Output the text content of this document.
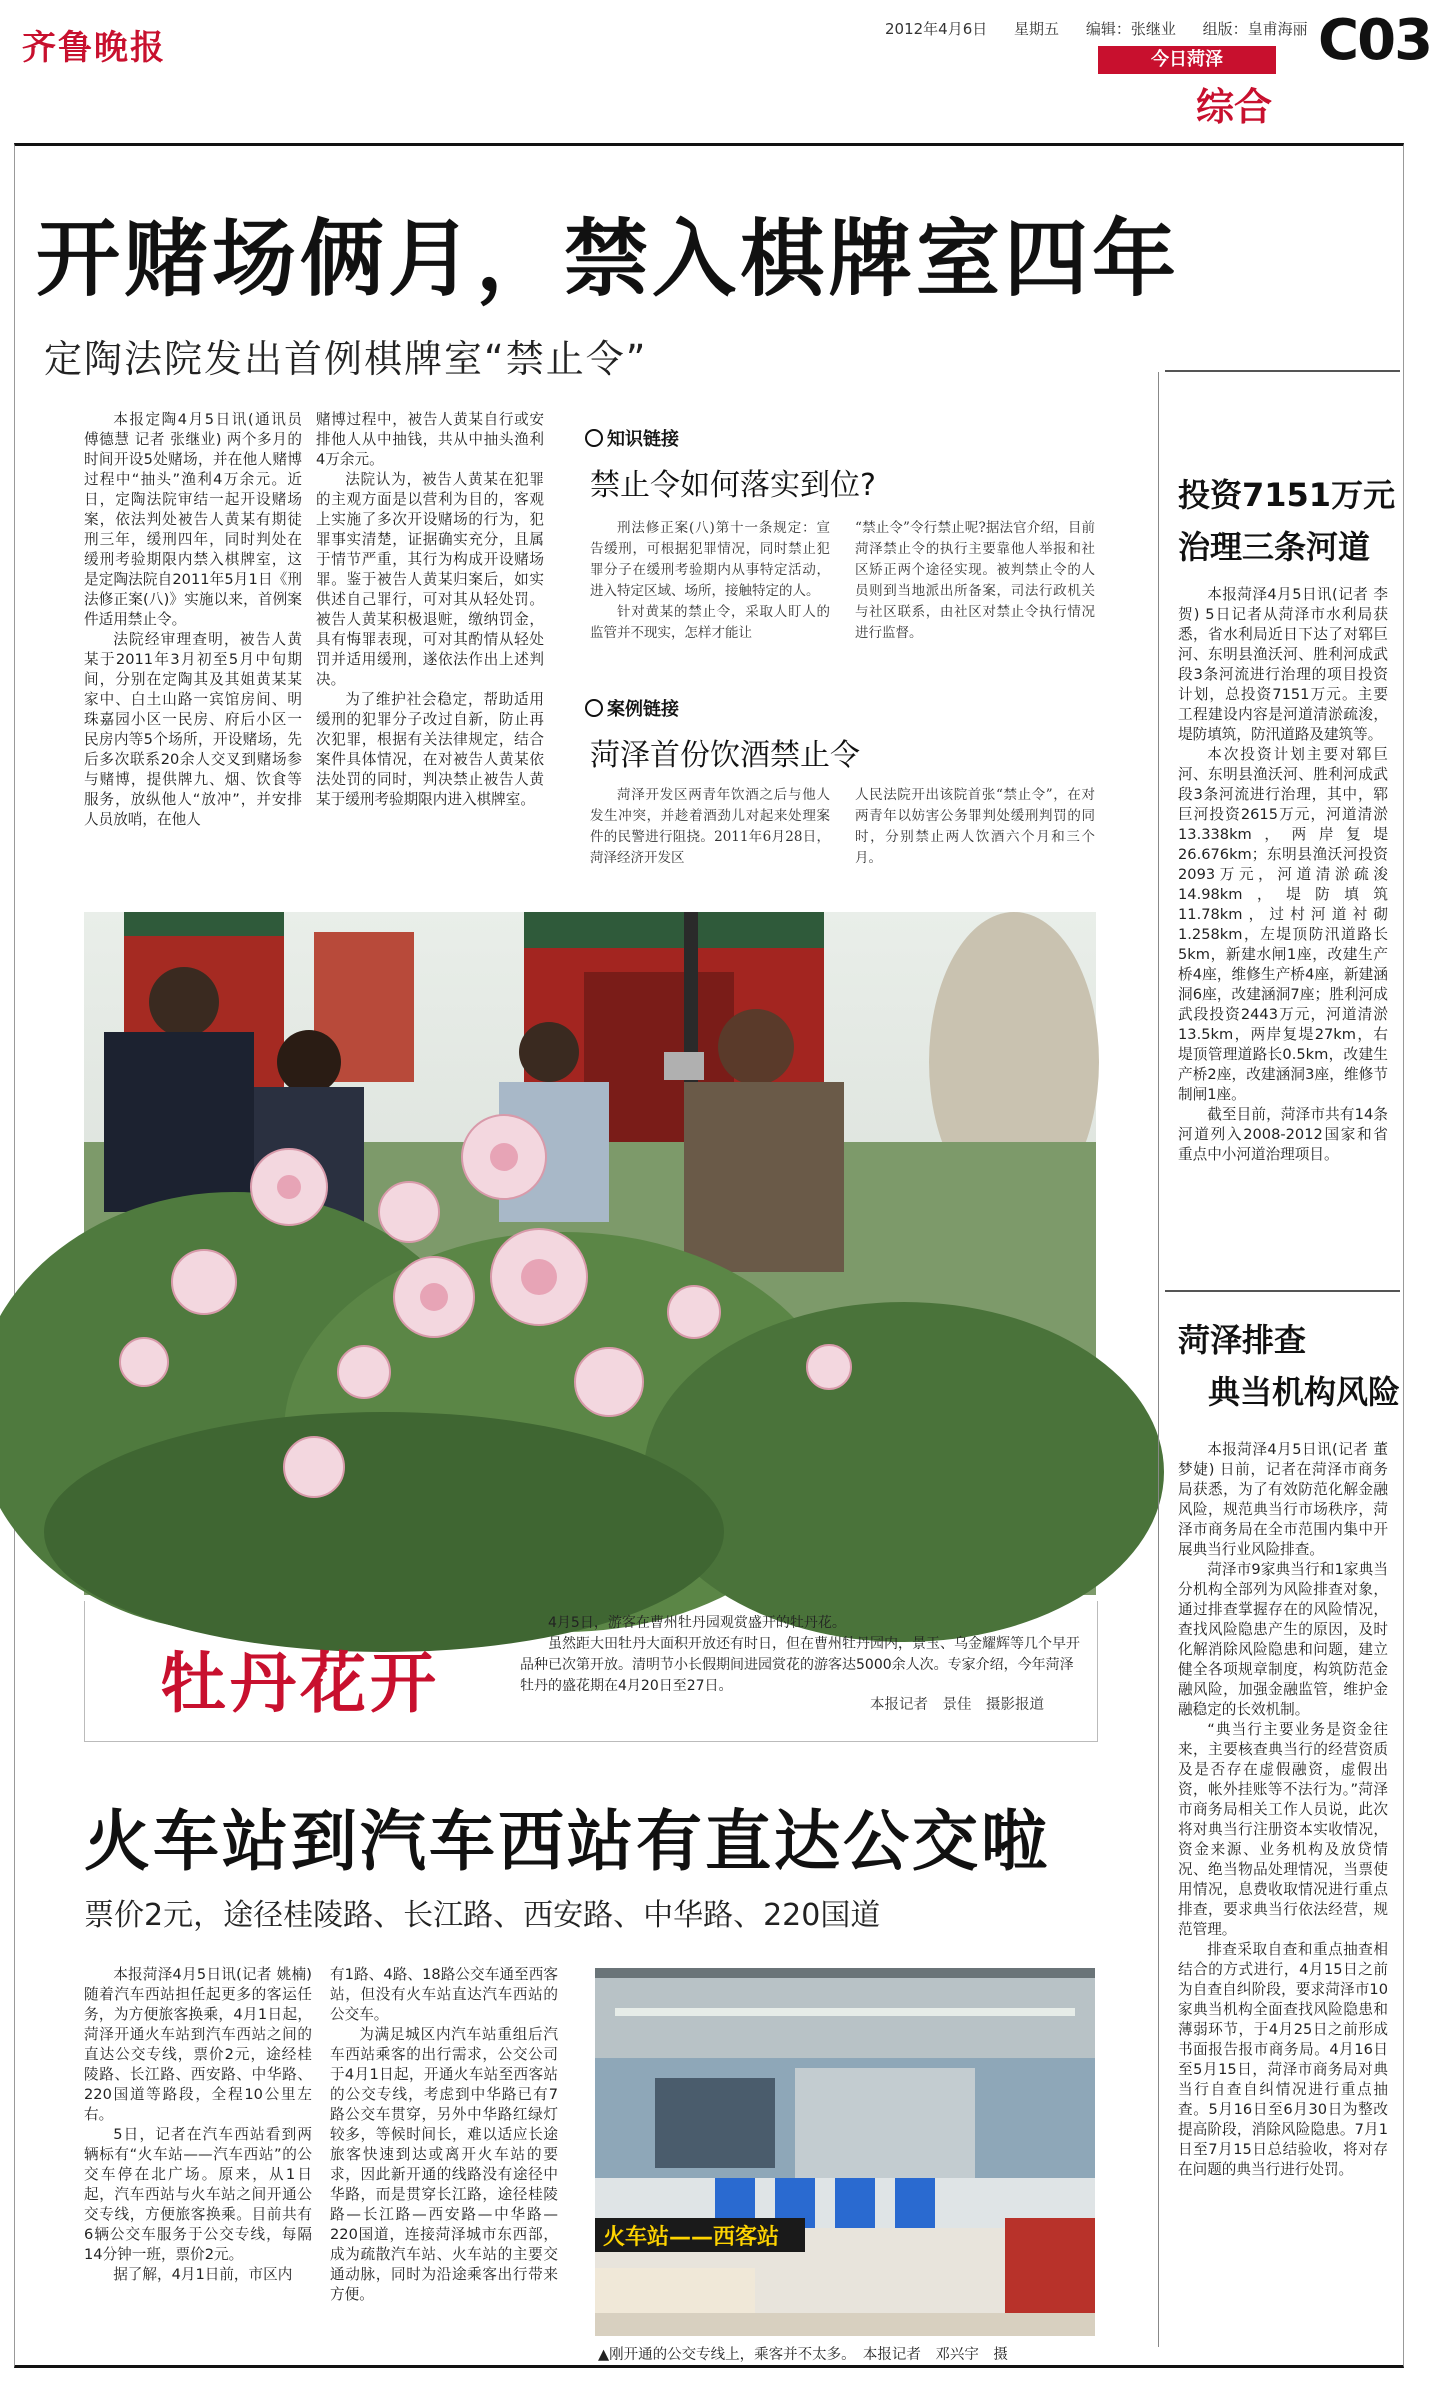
齐鲁晚报	2012年4月6日 星期五 编辑：张继业 组版：皇甫海丽 C03
今日菏泽
综合
开赌场俩月，禁入棋牌室四年
定陶法院发出首例棋牌室“禁止令”

本报定陶4月5日讯(通讯员 傅德慧 记者 张继业) 两个多月的时间开设5处赌场，并在他人赌博过程中“抽头”渔利4万余元。近日，定陶法院审结一起开设赌场案，依法判处被告人黄某有期徒刑三年，缓刑四年，同时判处在缓刑考验期限内禁入棋牌室，这是定陶法院自2011年5月1日《刑法修正案(八)》实施以来，首例案件适用禁止令。

法院经审理查明，被告人黄某于2011年3月初至5月中旬期间，分别在定陶其及其姐黄某某家中、白土山路一宾馆房间、明珠嘉园小区一民房、府后小区一民房内等5个场所，开设赌场，先后多次联系20余人交叉到赌场参与赌博，提供牌九、烟、饮食等服务，放纵他人“放冲”，并安排人员放哨，在他人

赌博过程中，被告人黄某自行或安排他人从中抽钱，共从中抽头渔利4万余元。

法院认为，被告人黄某在犯罪的主观方面是以营利为目的，客观上实施了多次开设赌场的行为，犯罪事实清楚，证据确实充分，且属于情节严重，其行为构成开设赌场罪。鉴于被告人黄某归案后，如实供述自己罪行，可对其从轻处罚。被告人黄某积极退赃，缴纳罚金，具有悔罪表现，可对其酌情从轻处罚并适用缓刑，遂依法作出上述判决。

为了维护社会稳定，帮助适用缓刑的犯罪分子改过自新，防止再次犯罪，根据有关法律规定，结合案件具体情况，在对被告人黄某依法处罚的同时，判决禁止被告人黄某于缓刑考验期限内进入棋牌室。

知识链接
禁止令如何落实到位?

刑法修正案(八)第十一条规定：宣告缓刑，可根据犯罪情况，同时禁止犯罪分子在缓刑考验期内从事特定活动，进入特定区域、场所，接触特定的人。

针对黄某的禁止令，采取人盯人的监管并不现实，怎样才能让

“禁止令”令行禁止呢?据法官介绍，目前菏泽禁止令的执行主要靠他人举报和社区矫正两个途径实现。被判禁止令的人员则到当地派出所备案，司法行政机关与社区联系，由社区对禁止令执行情况进行监督。

案例链接
菏泽首份饮酒禁止令

菏泽开发区两青年饮酒之后与他人发生冲突，并趁着酒劲儿对起来处理案件的民警进行阻挠。2011年6月28日，菏泽经济开发区

人民法院开出该院首张“禁止令”，在对两青年以妨害公务罪判处缓刑判罚的同时，分别禁止两人饮酒六个月和三个月。

牡丹花开

4月5日，游客在曹州牡丹园观赏盛开的牡丹花。

虽然距大田牡丹大面积开放还有时日，但在曹州牡丹园内，景玉、乌金耀辉等几个早开品种已次第开放。清明节小长假期间进园赏花的游客达5000余人次。专家介绍，今年菏泽牡丹的盛花期在4月20日至27日。

本报记者　景佳　摄影报道
火车站到汽车西站有直达公交啦
票价2元，途径桂陵路、长江路、西安路、中华路、220国道

本报菏泽4月5日讯(记者 姚楠) 随着汽车西站担任起更多的客运任务，为方便旅客换乘，4月1日起，菏泽开通火车站到汽车西站之间的直达公交专线，票价2元，途经桂陵路、长江路、西安路、中华路、220国道等路段，全程10公里左右。

5日，记者在汽车西站看到两辆标有“火车站——汽车西站”的公交车停在北广场。原来，从1日起，汽车西站与火车站之间开通公交专线，方便旅客换乘。目前共有6辆公交车服务于公交专线，每隔14分钟一班，票价2元。

据了解，4月1日前，市区内

有1路、4路、18路公交车通至西客站，但没有火车站直达汽车西站的公交车。

为满足城区内汽车站重组后汽车西站乘客的出行需求，公交公司于4月1日起，开通火车站至西客站的公交专线，考虑到中华路已有7路公交车贯穿，另外中华路红绿灯较多，等候时间长，难以适应长途旅客快速到达或离开火车站的要求，因此新开通的线路没有途径中华路，而是贯穿长江路，途径桂陵路—长江路—西安路—中华路—220国道，连接菏泽城市东西部，成为疏散汽车站、火车站的主要交通动脉，同时为沿途乘客出行带来方便。

火车站——西客站
▲刚开通的公交专线上，乘客并不太多。　本报记者　邓兴宇　摄
投资7151万元
治理三条河道

本报菏泽4月5日讯(记者 李贺) 5日记者从菏泽市水利局获悉，省水利局近日下达了对郓巨河、东明县渔沃河、胜利河成武段3条河流进行治理的项目投资计划，总投资7151万元。主要工程建设内容是河道清淤疏浚，堤防填筑，防汛道路及建筑等。

本次投资计划主要对郓巨河、东明县渔沃河、胜利河成武段3条河流进行治理，其中，郓巨河投资2615万元，河道清淤13.338km，两岸复堤26.676km；东明县渔沃河投资2093万元，河道清淤疏浚14.98km，堤防填筑11.78km，过村河道衬砌1.258km，左堤顶防汛道路长5km，新建水闸1座，改建生产桥4座，维修生产桥4座，新建涵洞6座，改建涵洞7座；胜利河成武段投资2443万元，河道清淤13.5km，两岸复堤27km，右堤顶管理道路长0.5km，改建生产桥2座，改建涵洞3座，维修节制闸1座。

截至目前，菏泽市共有14条河道列入2008-2012国家和省重点中小河道治理项目。

菏泽排查
典当机构风险

本报菏泽4月5日讯(记者 董梦婕) 日前，记者在菏泽市商务局获悉，为了有效防范化解金融风险，规范典当行市场秩序，菏泽市商务局在全市范围内集中开展典当行业风险排查。

菏泽市9家典当行和1家典当分机构全部列为风险排查对象，通过排查掌握存在的风险情况，查找风险隐患产生的原因，及时化解消除风险隐患和问题，建立健全各项规章制度，构筑防范金融风险，加强金融监管，维护金融稳定的长效机制。

“典当行主要业务是资金往来，主要核查典当行的经营资质及是否存在虚假融资，虚假出资，帐外挂账等不法行为。”菏泽市商务局相关工作人员说，此次将对典当行注册资本实收情况，资金来源、业务机构及放贷情况、绝当物品处理情况，当票使用情况，息费收取情况进行重点排查，要求典当行依法经营，规范管理。

排查采取自查和重点抽查相结合的方式进行，4月15日之前为自查自纠阶段，要求菏泽市10家典当机构全面查找风险隐患和薄弱环节，于4月25日之前形成书面报告报市商务局。4月16日至5月15日，菏泽市商务局对典当行自查自纠情况进行重点抽查。5月16日至6月30日为整改提高阶段，消除风险隐患。7月1日至7月15日总结验收，将对存在问题的典当行进行处罚。
